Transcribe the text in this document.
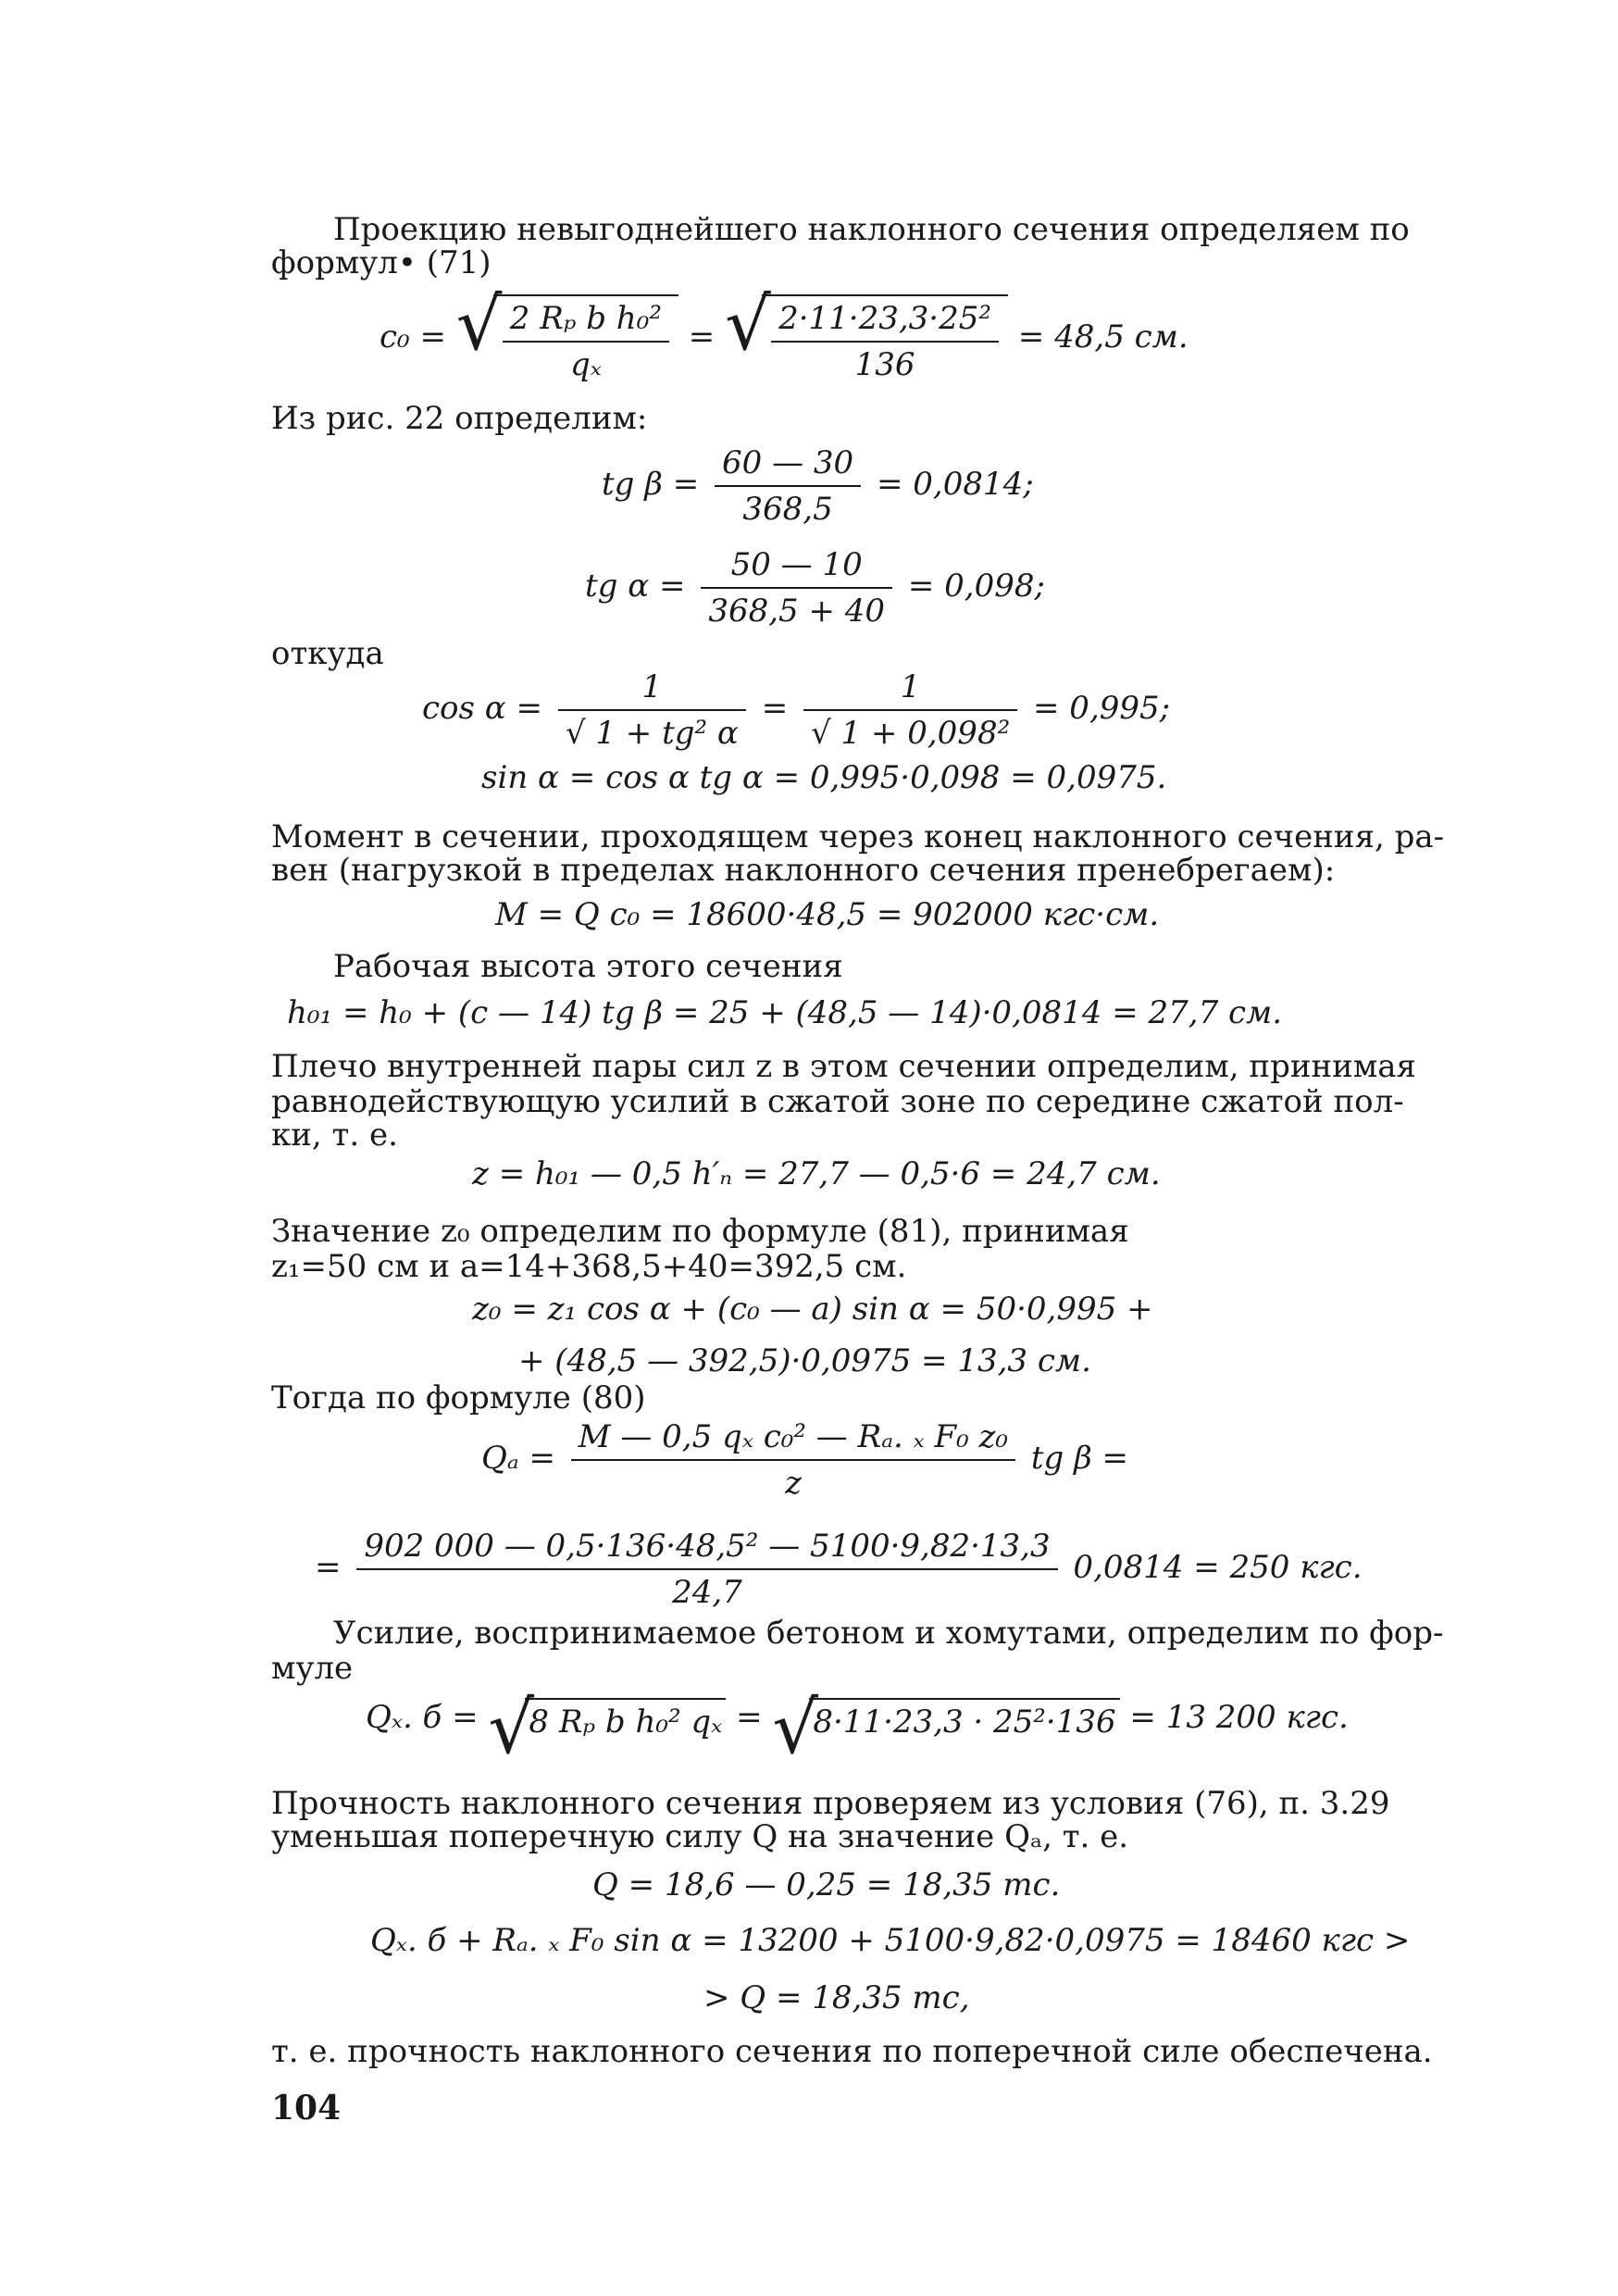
Проекцию невыгоднейшего наклонного сечения определяем по
формул• (71)
c₀ = √ $\frac{\text{2 Rₚ b h₀²}}{\text{qₓ}}$ = √ $\frac{\text{2·11·23,3·25²}}{136} = 48,5$ см.
Из рис. 22 определим:
tg $\beta = \frac{60 — 30}{368,5} = 0,0814$;
tg $\alpha = \frac{50 — 10}{368,5 + 40} = 0,098$;
откуда
$\cos \alpha = \frac{1}{\text{√ 1 + tg² α}} = \frac{1}{\text{√ 1 + 0,098²}} = 0,995$;
sin α = cos α tg α = 0,995·0,098 = 0,0975.
Момент в сечении, проходящем через конец наклонного сечения, ра-
вен (нагрузкой в пределах наклонного сечения пренебрегаем):
M = Q c₀ = 18600·48,5 = 902000 кгс·см.
Рабочая высота этого сечения
h₀₁ = h₀ + (c — 14) tg β = 25 + (48,5 — 14)·0,0814 = 27,7 см.
Плечо внутренней пары сил z в этом сечении определим, принимая
равнодействующую усилий в сжатой зоне по середине сжатой пол-
ки, т. е.
z = h₀₁ — 0,5 h′ₙ = 27,7 — 0,5·6 = 24,7 см.
Значение z₀ определим по формуле (81), принимая
z₁=50 см и a=14+368,5+40=392,5 см.
z₀ = z₁ cos α + (c₀ — a) sin α = 50·0,995 +
+ (48,5 — 392,5)·0,0975 = 13,3 см.
Тогда по формуле (80)
$Q_a = \frac{\text{M — 0,5 qₓ c₀² — Rₐ. ₓ F₀ z₀}}{z}$ tg β =
= $\frac{\text{902 000 — 0,5·136·48,5² — 5100·9,82·13,3}}{24,7} 0,0814 = 250$ кгс.
Усилие, воспринимаемое бетоном и хомутами, определим по фор-
муле
Qₓ. б = √
8 Rₚ b h₀² qₓ = √
8·11·23,3 · 25²·136 = 13 200 кгс.
Прочность наклонного сечения проверяем из условия (76), п. 3.29
уменьшая поперечную силу Q на значение Qₐ, т. е.
Q = 18,6 — 0,25 = 18,35 тс.
Qₓ. б + Rₐ. ₓ F₀ sin α = 13200 + 5100·9,82·0,0975 = 18460 кгс >
> Q = 18,35 тс,
т. е. прочность наклонного сечения по поперечной силе обеспечена.
104
